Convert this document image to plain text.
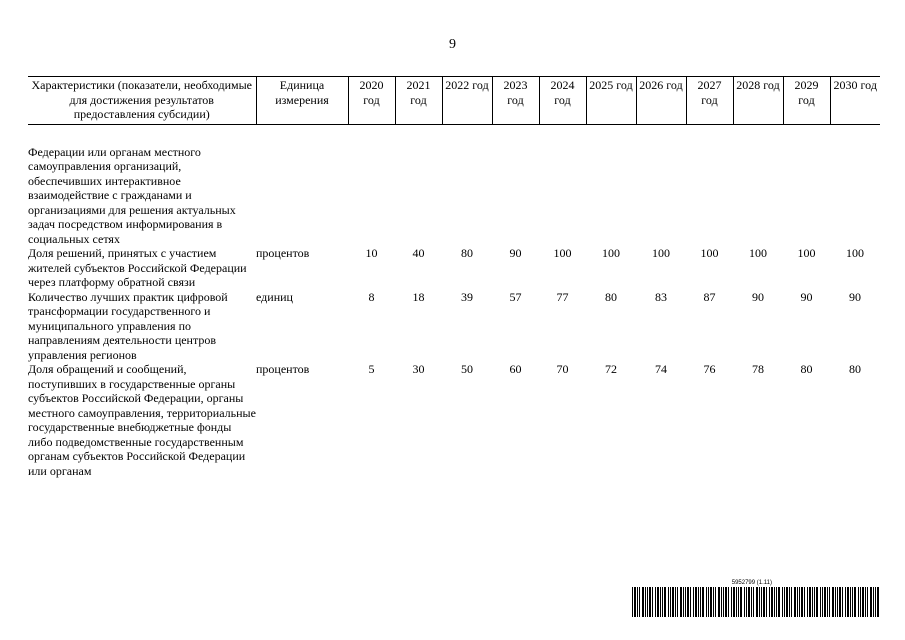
9
Характеристики (показатели, необходимые для достижения результатов предоставления субсидии)	Единица измерения	2020 год	2021 год	2022 год	2023 год	2024 год	2025 год	2026 год	2027 год	2028 год	2029 год	2030 год

Федерации или органам местного самоуправления организаций, обеспечивших интерактивное взаимодействие с гражданами и организациями для решения актуальных задач посредством информирования в социальных сетях												
Доля решений, принятых с участием жителей субъектов Российской Федерации через платформу обратной связи	процентов	10	40	80	90	100	100	100	100	100	100	100
Количество лучших практик цифровой трансформации государственного и муниципального управления по направлениям деятельности центров управления регионов	единиц	8	18	39	57	77	80	83	87	90	90	90
Доля обращений и сообщений, поступивших в государственные органы субъектов Российской Федерации, органы местного самоуправления, территориальные государственные внебюджетные фонды либо подведомственные государственным органам субъектов Российской Федерации или органам	процентов	5	30	50	60	70	72	74	76	78	80	80
5952799 (1.11)
